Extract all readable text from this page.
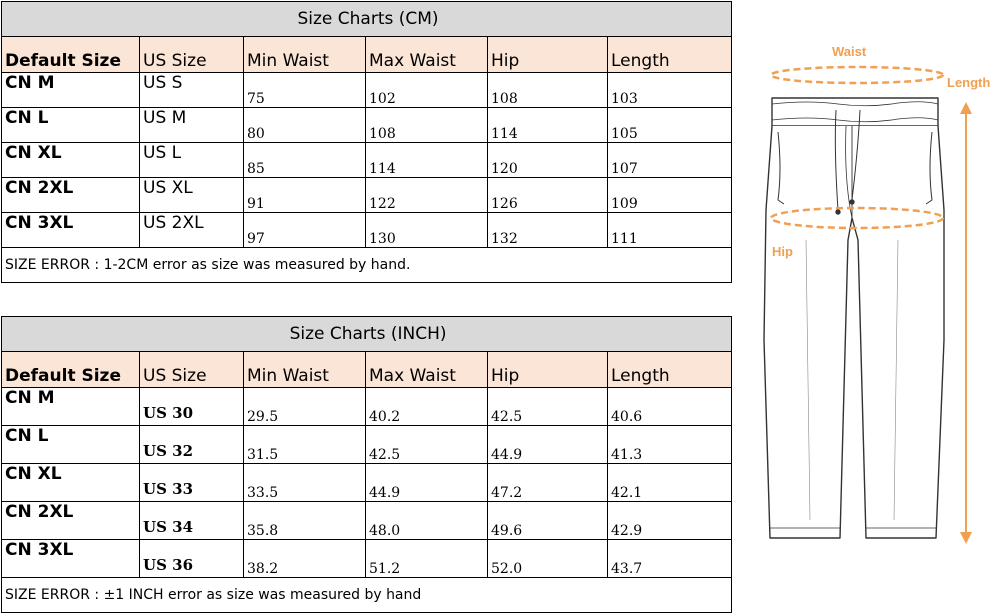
Size Charts (CM)					
Default Size	US Size	Min Waist	Max Waist	Hip	Length
CN M	US S	75	102	108	103
CN L	US M	80	108	114	105
CN XL	US L	85	114	120	107
CN 2XL	US XL	91	122	126	109
CN 3XL	US 2XL	97	130	132	111
SIZE ERROR : 1-2CM error as size was measured by hand.					
Size Charts (INCH)					
Default Size	US Size	Min Waist	Max Waist	Hip	Length
CN M	US 30	29.5	40.2	42.5	40.6
CN L	US 32	31.5	42.5	44.9	41.3
CN XL	US 33	33.5	44.9	47.2	42.1
CN 2XL	US 34	35.8	48.0	49.6	42.9
CN 3XL	US 36	38.2	51.2	52.0	43.7
SIZE ERROR : ±1 INCH error as size was measured by hand					
Waist
Length
Hip
